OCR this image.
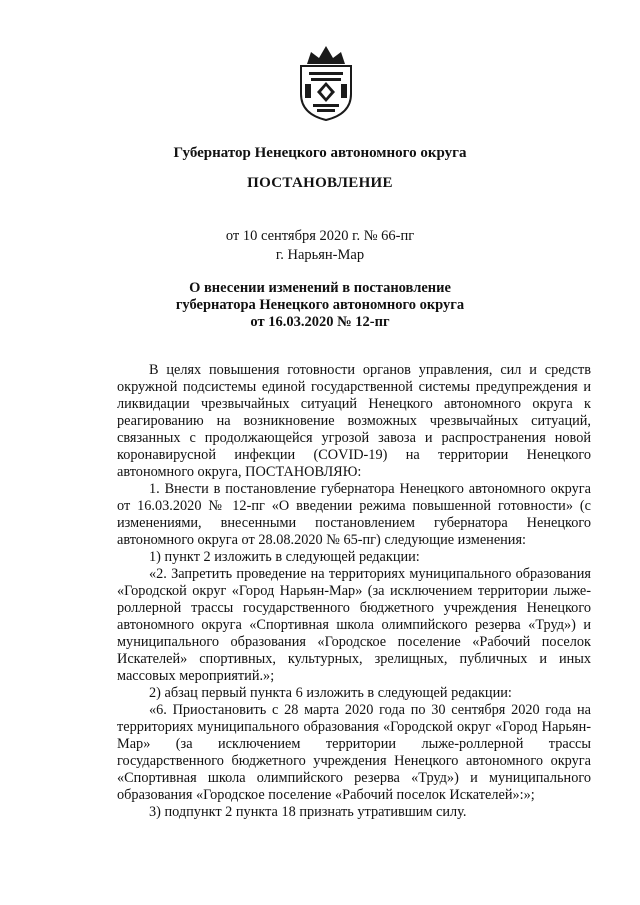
Губернатор Ненецкого автономного округа
ПОСТАНОВЛЕНИЕ
от 10 сентября 2020 г. № 66-пг
г. Нарьян-Мар
О внесении изменений в постановление
губернатора Ненецкого автономного округа
от 16.03.2020 № 12-пг

В целях повышения готовности органов управления, сил и средств окружной подсистемы единой государственной системы предупреждения и ликвидации чрезвычайных ситуаций Ненецкого автономного округа к реагированию на возникновение возможных чрезвычайных ситуаций, связанных с продолжающейся угрозой завоза и распространения новой коронавирусной инфекции (COVID-19) на территории Ненецкого автономного округа, ПОСТАНОВЛЯЮ:

1. Внести в постановление губернатора Ненецкого автономного округа от 16.03.2020 № 12-пг «О введении режима повышенной готовности» (с изменениями, внесенными постановлением губернатора Ненецкого автономного округа от 28.08.2020 № 65-пг) следующие изменения:

1) пункт 2 изложить в следующей редакции:

«2. Запретить проведение на территориях муниципального образования «Городской округ «Город Нарьян-Мар» (за исключением территории лыже-роллерной трассы государственного бюджетного учреждения Ненецкого автономного округа «Спортивная школа олимпийского резерва «Труд») и муниципального образования «Городское поселение «Рабочий поселок Искателей» спортивных, культурных, зрелищных, публичных и иных массовых мероприятий.»;

2) абзац первый пункта 6 изложить в следующей редакции:

«6. Приостановить с 28 марта 2020 года по 30 сентября 2020 года на территориях муниципального образования «Городской округ «Город Нарьян-Мар» (за исключением территории лыже-роллерной трассы государственного бюджетного учреждения Ненецкого автономного округа «Спортивная школа олимпийского резерва «Труд») и муниципального образования «Городское поселение «Рабочий поселок Искателей»:»;

3) подпункт 2 пункта 18 признать утратившим силу.
